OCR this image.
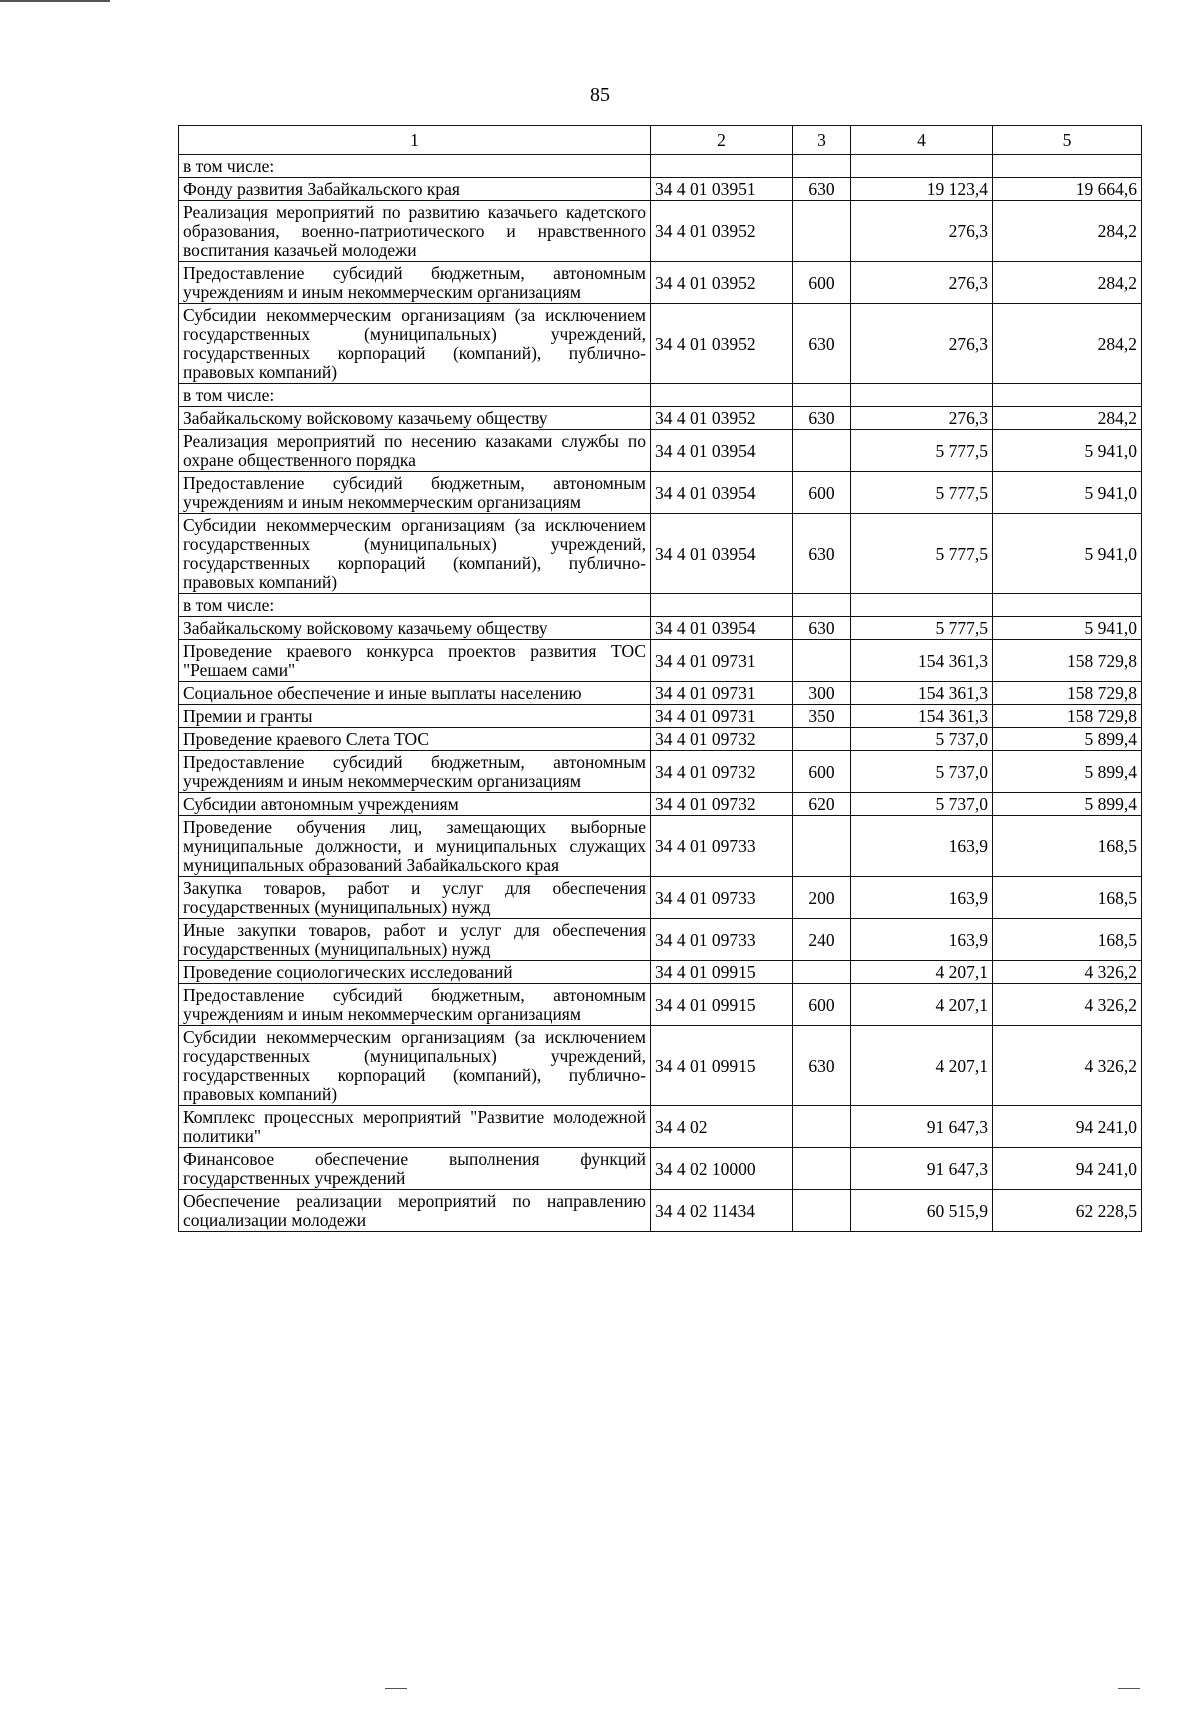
85
1	2	3	4	5
в том числе:				
Фонду развития Забайкальского края	34 4 01 03951	630	19 123,4	19 664,6
Реализация мероприятий по развитию казачьего кадетского образования, военно-патриотического и нравственного воспитания казачьей молодежи	34 4 01 03952		276,3	284,2
Предоставление субсидий бюджетным, автономным учреждениям и иным некоммерческим организациям	34 4 01 03952	600	276,3	284,2
Субсидии некоммерческим организациям (за исключением государственных (муниципальных) учреждений, государственных корпораций (компаний), публично-правовых компаний)	34 4 01 03952	630	276,3	284,2
в том числе:				
Забайкальскому войсковому казачьему обществу	34 4 01 03952	630	276,3	284,2
Реализация мероприятий по несению казаками службы по охране общественного порядка	34 4 01 03954		5 777,5	5 941,0
Предоставление субсидий бюджетным, автономным учреждениям и иным некоммерческим организациям	34 4 01 03954	600	5 777,5	5 941,0
Субсидии некоммерческим организациям (за исключением государственных (муниципальных) учреждений, государственных корпораций (компаний), публично-правовых компаний)	34 4 01 03954	630	5 777,5	5 941,0
в том числе:				
Забайкальскому войсковому казачьему обществу	34 4 01 03954	630	5 777,5	5 941,0
Проведение краевого конкурса проектов развития ТОС "Решаем сами"	34 4 01 09731		154 361,3	158 729,8
Социальное обеспечение и иные выплаты населению	34 4 01 09731	300	154 361,3	158 729,8
Премии и гранты	34 4 01 09731	350	154 361,3	158 729,8
Проведение краевого Слета ТОС	34 4 01 09732		5 737,0	5 899,4
Предоставление субсидий бюджетным, автономным учреждениям и иным некоммерческим организациям	34 4 01 09732	600	5 737,0	5 899,4
Субсидии автономным учреждениям	34 4 01 09732	620	5 737,0	5 899,4
Проведение обучения лиц, замещающих выборные муниципальные должности, и муниципальных служащих муниципальных образований Забайкальского края	34 4 01 09733		163,9	168,5
Закупка товаров, работ и услуг для обеспечения государственных (муниципальных) нужд	34 4 01 09733	200	163,9	168,5
Иные закупки товаров, работ и услуг для обеспечения государственных (муниципальных) нужд	34 4 01 09733	240	163,9	168,5
Проведение социологических исследований	34 4 01 09915		4 207,1	4 326,2
Предоставление субсидий бюджетным, автономным учреждениям и иным некоммерческим организациям	34 4 01 09915	600	4 207,1	4 326,2
Субсидии некоммерческим организациям (за исключением государственных (муниципальных) учреждений, государственных корпораций (компаний), публично-правовых компаний)	34 4 01 09915	630	4 207,1	4 326,2
Комплекс процессных мероприятий "Развитие молодежной политики"	34 4 02		91 647,3	94 241,0
Финансовое обеспечение выполнения функций государственных учреждений	34 4 02 10000		91 647,3	94 241,0
Обеспечение реализации мероприятий по направлению социализации молодежи	34 4 02 11434		60 515,9	62 228,5
